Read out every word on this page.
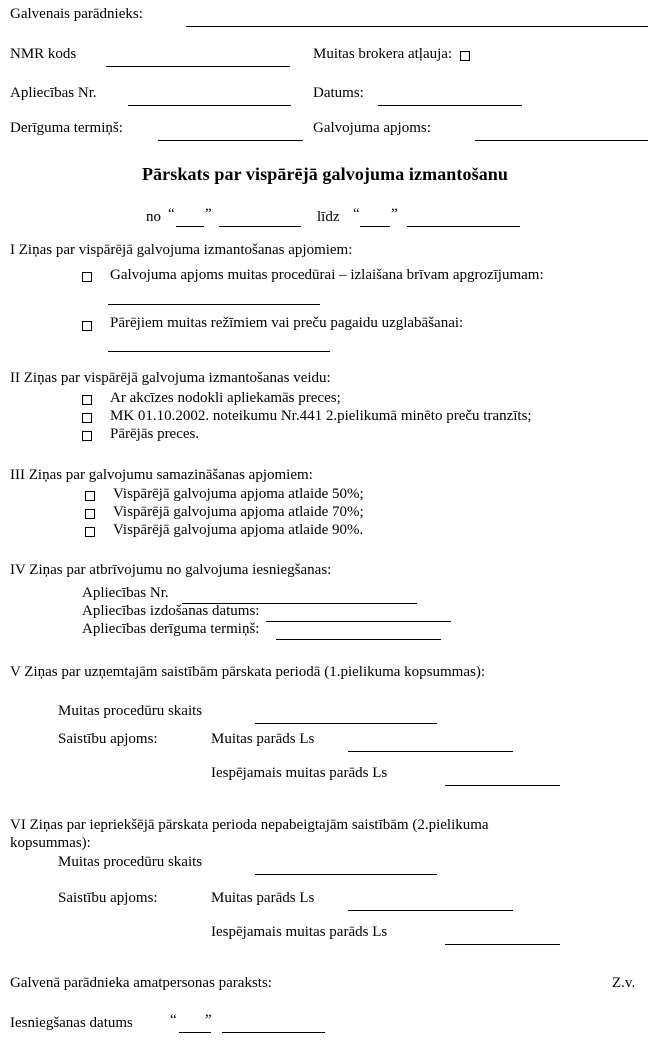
Galvenais parādnieks:
NMR kods	Muitas brokera atļauja:
Apliecības Nr.	Datums:
Derīguma termiņš:	Galvojuma apjoms:
Pārskats par vispārējā galvojuma izmantošanu
no “ ”	līdz “ ”
I Ziņas par vispārējā galvojuma izmantošanas apjomiem:
Galvojuma apjoms muitas procedūrai – izlaišana brīvam apgrozījumam:
Pārējiem muitas režīmiem vai preču pagaidu uzglabāšanai:
II Ziņas par vispārējā galvojuma izmantošanas veidu:
Ar akcīzes nodokli apliekamās preces;
MK 01.10.2002. noteikumu Nr.441 2.pielikumā minēto preču tranzīts;
Pārējās preces.
III Ziņas par galvojumu samazināšanas apjomiem:
Vispārējā galvojuma apjoma atlaide 50%;
Vispārējā galvojuma apjoma atlaide 70%;
Vispārējā galvojuma apjoma atlaide 90%.
IV Ziņas par atbrīvojumu no galvojuma iesniegšanas:
Apliecības Nr.
Apliecības izdošanas datums:
Apliecības derīguma termiņš:
V Ziņas par uzņemtajām saistībām pārskata periodā (1.pielikuma kopsummas):
Muitas procedūru skaits
Saistību apjoms:	Muitas parāds Ls
Iespējamais muitas parāds Ls
VI Ziņas par iepriekšējā pārskata perioda nepabeigtajām saistībām (2.pielikuma
kopsummas):
Muitas procedūru skaits
Saistību apjoms:	Muitas parāds Ls
Iespējamais muitas parāds Ls
Galvenā parādnieka amatpersonas paraksts:	Z.v.
Iesniegšanas datums “ ”
